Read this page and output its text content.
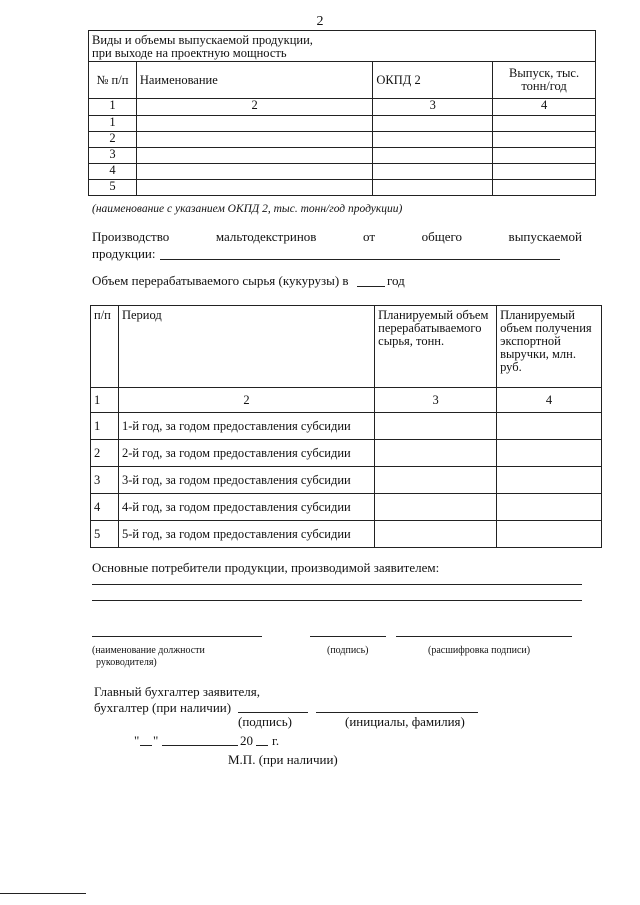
2
Виды и объемы выпускаемой продукции,
при выходе на проектную мощность			

№ п/п	Наименование	ОКПД 2	Выпуск, тыс. тонн/год
1	2	3	4
1			
2			
3			
4			
5			
(наименование с указанием ОКПД 2, тыс. тонн/год продукции)
Производство мальтодекстринов от общего выпускаемой
продукции:
Объем перерабатываемого сырья (кукурузы) в	год
п/п	Период	Планируемый объем перерабатываемого сырья, тонн.	Планируемый объем получения экспортной выручки, млн. руб.
1	2	3	4
1	1-й год, за годом предоставления субсидии		
2	2-й год, за годом предоставления субсидии		
3	3-й год, за годом предоставления субсидии		
4	4-й год, за годом предоставления субсидии		
5	5-й год, за годом предоставления субсидии		
Основные потребители продукции, производимой заявителем:
(наименование должности
руководителя)
(подпись)	(расшифровка подписи)
Главный бухгалтер заявителя,
бухгалтер (при наличии)
(подпись)	(инициалы, фамилия)
" "	20 г.
М.П. (при наличии)
